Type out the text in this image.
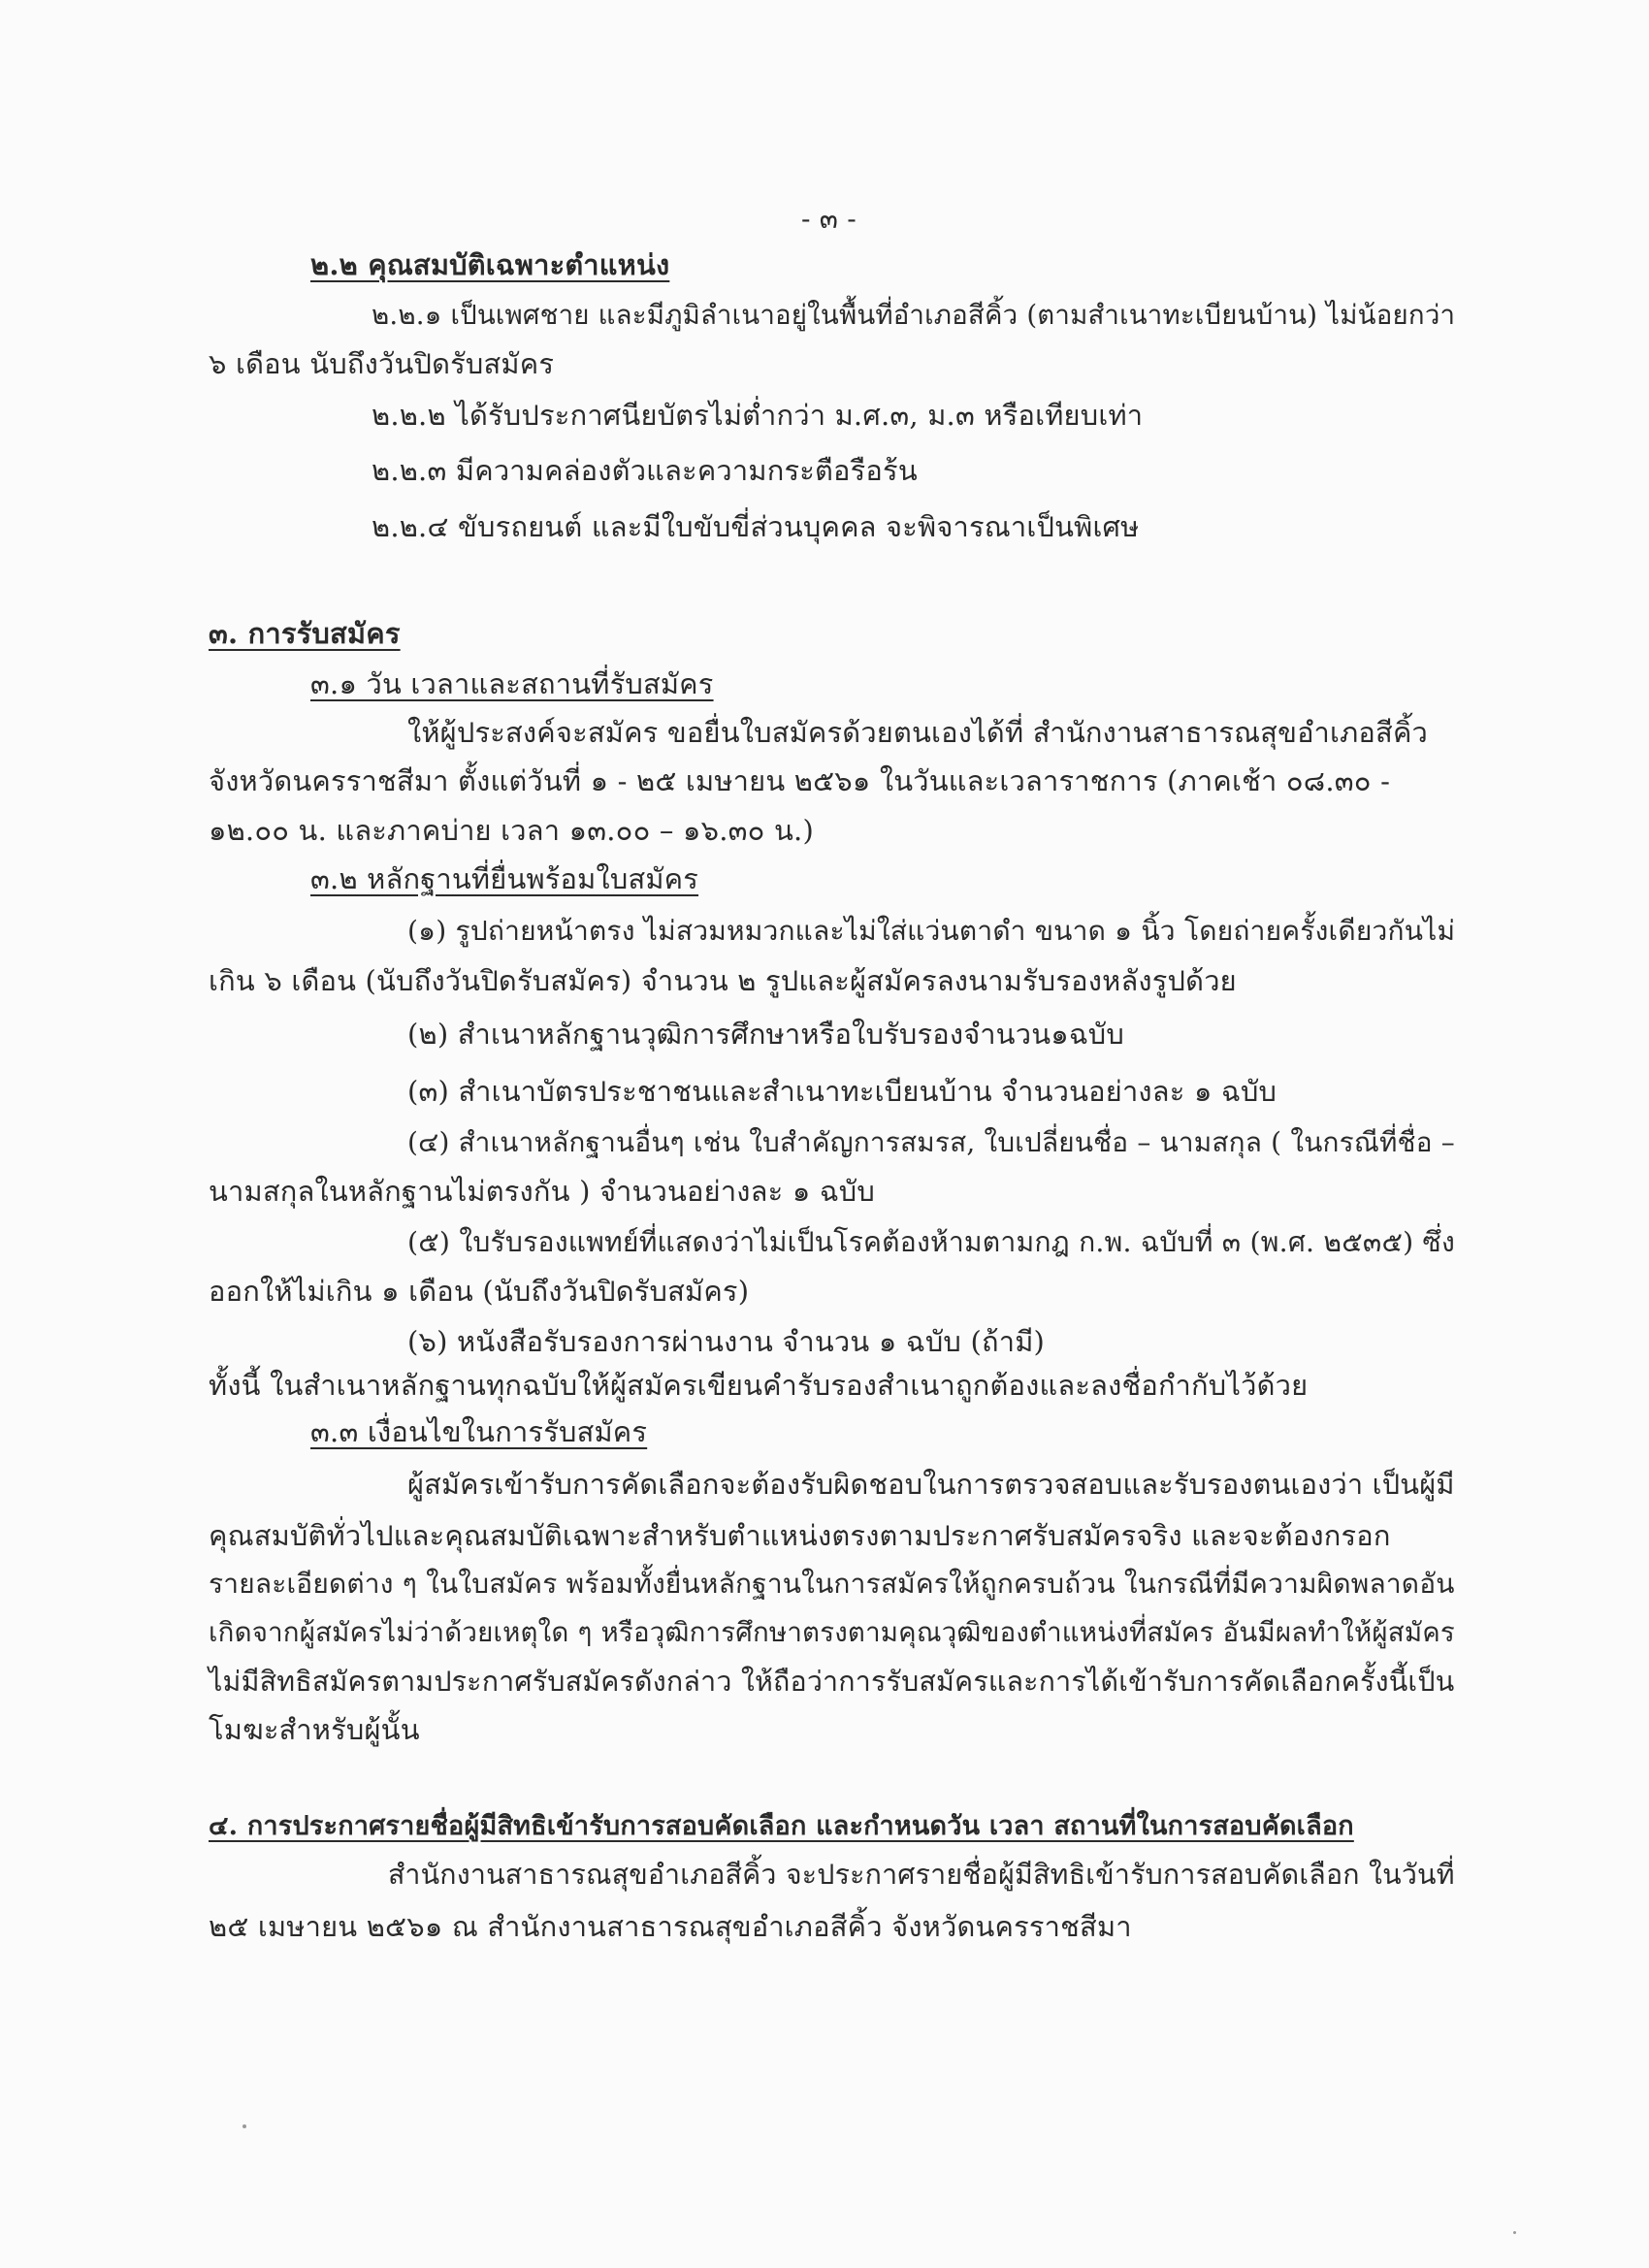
- ๓ -
๒.๒ คุณสมบัติเฉพาะตำแหน่ง
๒.๒.๑ เป็นเพศชาย และมีภูมิลำเนาอยู่ในพื้นที่อำเภอสีคิ้ว (ตามสำเนาทะเบียนบ้าน) ไม่น้อยกว่า
๖ เดือน นับถึงวันปิดรับสมัคร
๒.๒.๒ ได้รับประกาศนียบัตรไม่ต่ำกว่า ม.ศ.๓, ม.๓ หรือเทียบเท่า
๒.๒.๓ มีความคล่องตัวและความกระตือรือร้น
๒.๒.๔ ขับรถยนต์ และมีใบขับขี่ส่วนบุคคล จะพิจารณาเป็นพิเศษ
๓. การรับสมัคร
๓.๑ วัน เวลาและสถานที่รับสมัคร
ให้ผู้ประสงค์จะสมัคร ขอยื่นใบสมัครด้วยตนเองได้ที่ สำนักงานสาธารณสุขอำเภอสีคิ้ว
จังหวัดนครราชสีมา ตั้งแต่วันที่ ๑ - ๒๕ เมษายน ๒๕๖๑ ในวันและเวลาราชการ (ภาคเช้า ๐๘.๓๐ -
๑๒.๐๐ น. และภาคบ่าย เวลา ๑๓.๐๐ – ๑๖.๓๐ น.)
๓.๒ หลักฐานที่ยื่นพร้อมใบสมัคร
(๑) รูปถ่ายหน้าตรง ไม่สวมหมวกและไม่ใส่แว่นตาดำ ขนาด ๑ นิ้ว โดยถ่ายครั้งเดียวกันไม่
เกิน ๖ เดือน (นับถึงวันปิดรับสมัคร) จำนวน ๒ รูปและผู้สมัครลงนามรับรองหลังรูปด้วย
(๒) สำเนาหลักฐานวุฒิการศึกษาหรือใบรับรองจำนวน๑ฉบับ
(๓) สำเนาบัตรประชาชนและสำเนาทะเบียนบ้าน จำนวนอย่างละ ๑ ฉบับ
(๔) สำเนาหลักฐานอื่นๆ เช่น ใบสำคัญการสมรส, ใบเปลี่ยนชื่อ – นามสกุล ( ในกรณีที่ชื่อ –
นามสกุลในหลักฐานไม่ตรงกัน ) จำนวนอย่างละ ๑ ฉบับ
(๕) ใบรับรองแพทย์ที่แสดงว่าไม่เป็นโรคต้องห้ามตามกฎ ก.พ. ฉบับที่ ๓ (พ.ศ. ๒๕๓๕) ซึ่ง
ออกให้ไม่เกิน ๑ เดือน (นับถึงวันปิดรับสมัคร)
(๖) หนังสือรับรองการผ่านงาน จำนวน ๑ ฉบับ (ถ้ามี)
ทั้งนี้ ในสำเนาหลักฐานทุกฉบับให้ผู้สมัครเขียนคำรับรองสำเนาถูกต้องและลงชื่อกำกับไว้ด้วย
๓.๓ เงื่อนไขในการรับสมัคร
ผู้สมัครเข้ารับการคัดเลือกจะต้องรับผิดชอบในการตรวจสอบและรับรองตนเองว่า เป็นผู้มี
คุณสมบัติทั่วไปและคุณสมบัติเฉพาะสำหรับตำแหน่งตรงตามประกาศรับสมัครจริง และจะต้องกรอก
รายละเอียดต่าง ๆ ในใบสมัคร พร้อมทั้งยื่นหลักฐานในการสมัครให้ถูกครบถ้วน ในกรณีที่มีความผิดพลาดอัน
เกิดจากผู้สมัครไม่ว่าด้วยเหตุใด ๆ หรือวุฒิการศึกษาตรงตามคุณวุฒิของตำแหน่งที่สมัคร อันมีผลทำให้ผู้สมัคร
ไม่มีสิทธิสมัครตามประกาศรับสมัครดังกล่าว ให้ถือว่าการรับสมัครและการได้เข้ารับการคัดเลือกครั้งนี้เป็น
โมฆะสำหรับผู้นั้น
๔. การประกาศรายชื่อผู้มีสิทธิเข้ารับการสอบคัดเลือก และกำหนดวัน เวลา สถานที่ในการสอบคัดเลือก
สำนักงานสาธารณสุขอำเภอสีคิ้ว จะประกาศรายชื่อผู้มีสิทธิเข้ารับการสอบคัดเลือก ในวันที่
๒๕ เมษายน ๒๕๖๑ ณ สำนักงานสาธารณสุขอำเภอสีคิ้ว จังหวัดนครราชสีมา
